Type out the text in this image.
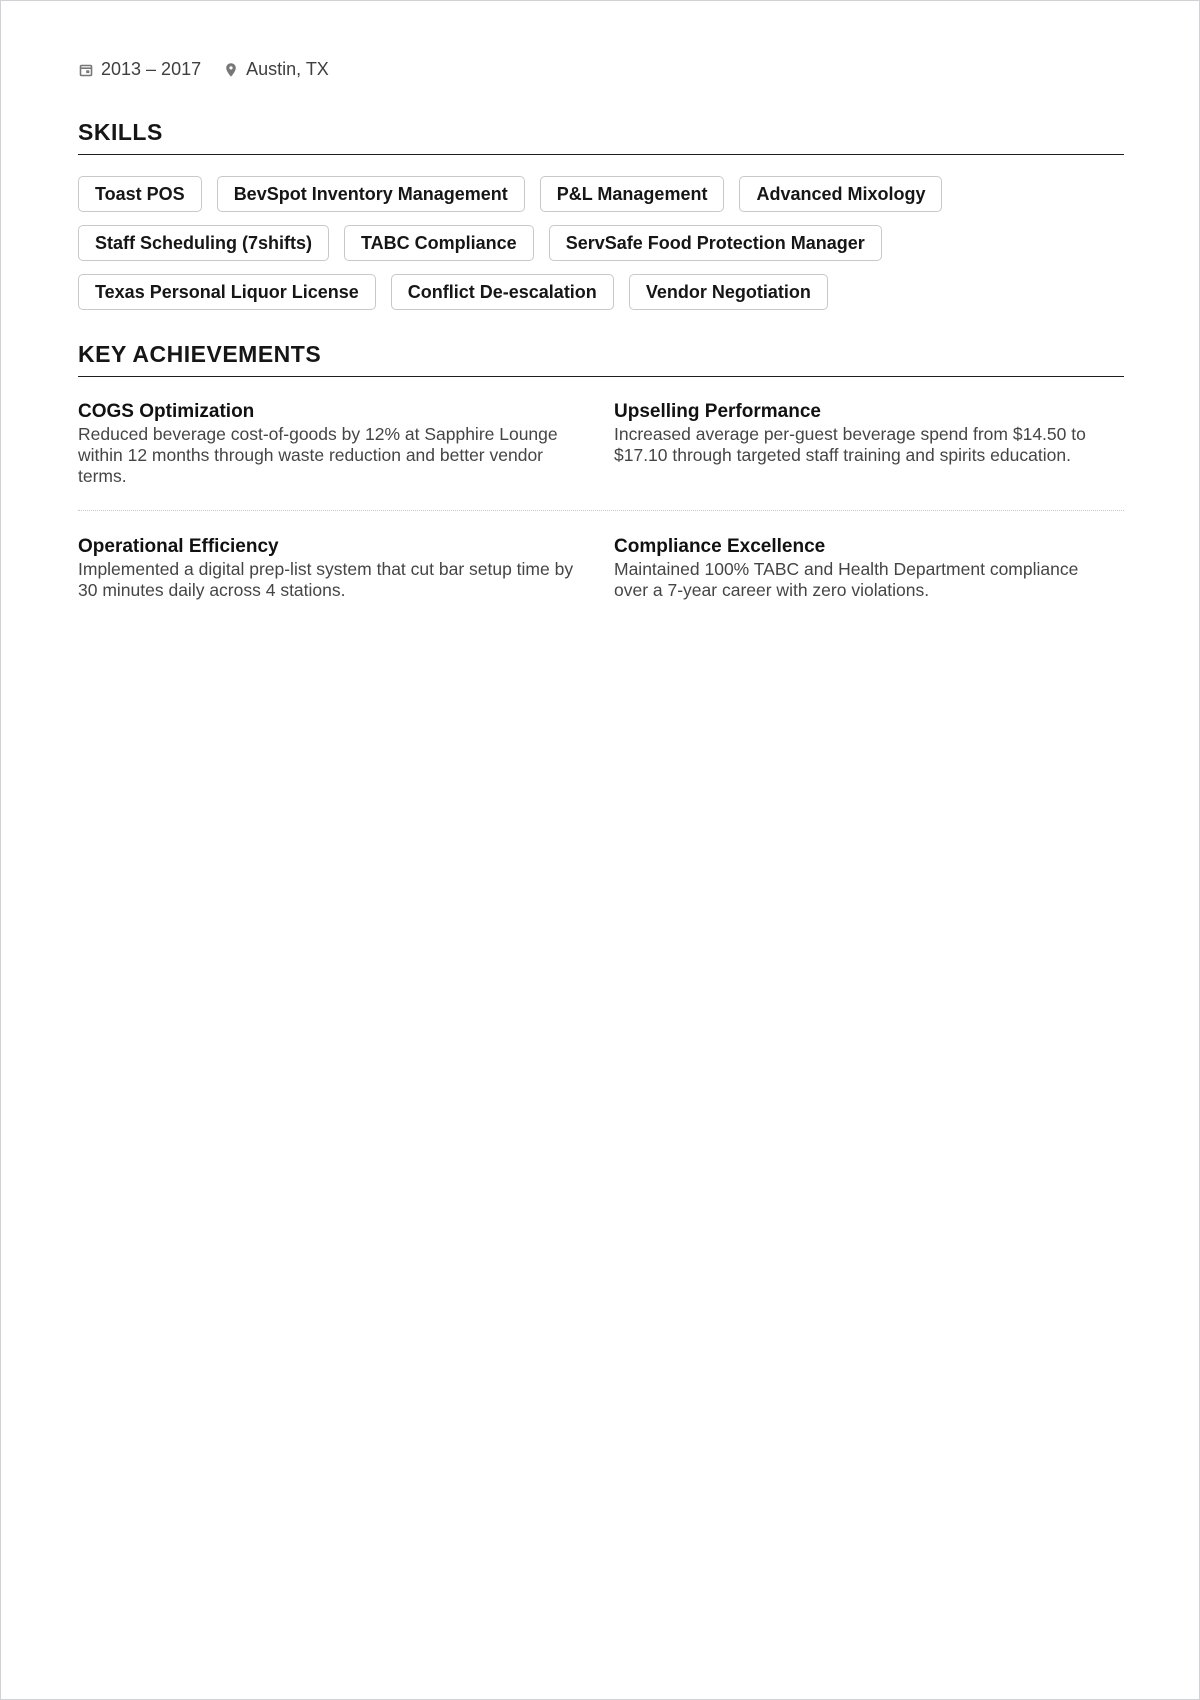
2013 – 2017	Austin, TX
SKILLS
Toast POS	BevSpot Inventory Management	P&L Management	Advanced Mixology
Staff Scheduling (7shifts)	TABC Compliance	ServSafe Food Protection Manager
Texas Personal Liquor License	Conflict De-escalation	Vendor Negotiation
KEY ACHIEVEMENTS
COGS Optimization

Reduced beverage cost-of-goods by 12% at Sapphire Lounge within 12 months through waste reduction and better vendor terms.

Upselling Performance

Increased average per-guest beverage spend from $14.50 to $17.10 through targeted staff training and spirits education.

Operational Efficiency

Implemented a digital prep-list system that cut bar setup time by 30 minutes daily across 4 stations.

Compliance Excellence

Maintained 100% TABC and Health Department compliance over a 7-year career with zero violations.
